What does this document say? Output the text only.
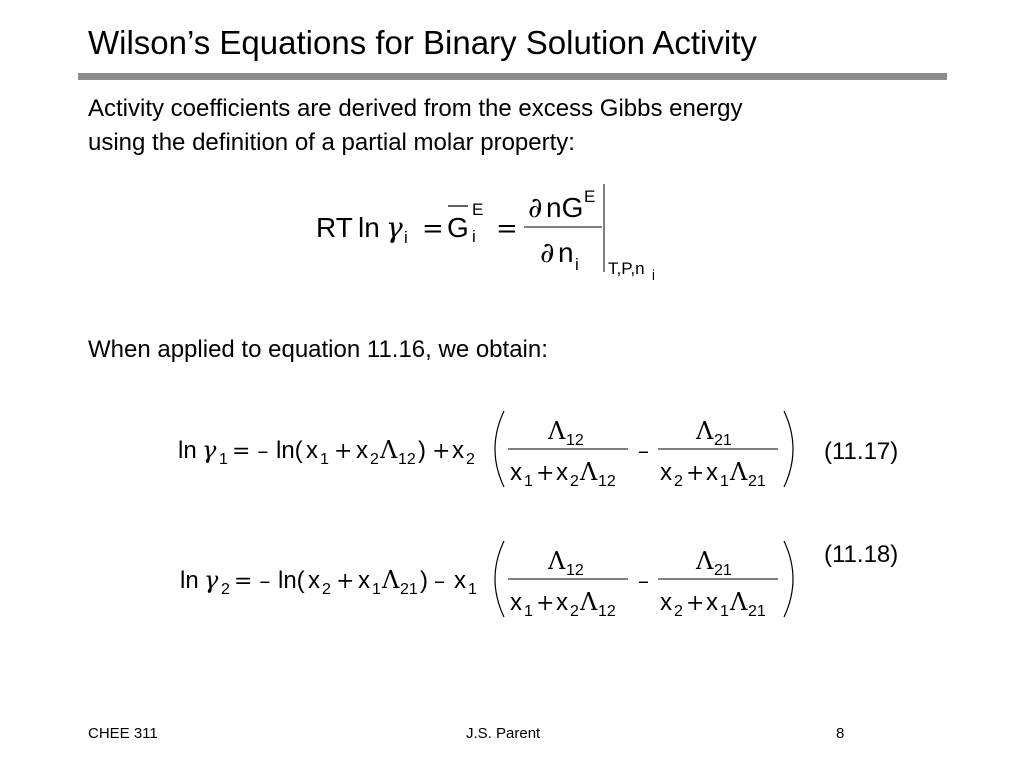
Wilson’s Equations for Binary Solution Activity
Activity coefficients are derived from the excess Gibbs energy
using the definition of a partial molar property:
RT ln γ i = G i
E
=
∂ nG E
∂ n i T,P,n j
When applied to equation 11.16, we obtain:
ln γ 1 = – ln( x 1 + x 2 Λ 12 ) + x 2
Λ 12
x 1 + x 2 Λ 12
–
Λ 21
x 2 + x 1 Λ 21
(11.17)
ln γ 2 = – ln( x 2 + x 1 Λ 21 ) – x 1
Λ 12
x 1 + x 2 Λ 12
–
Λ 21
x 2 + x 1 Λ 21
(11.18)
CHEE 311	J.S. Parent	8
